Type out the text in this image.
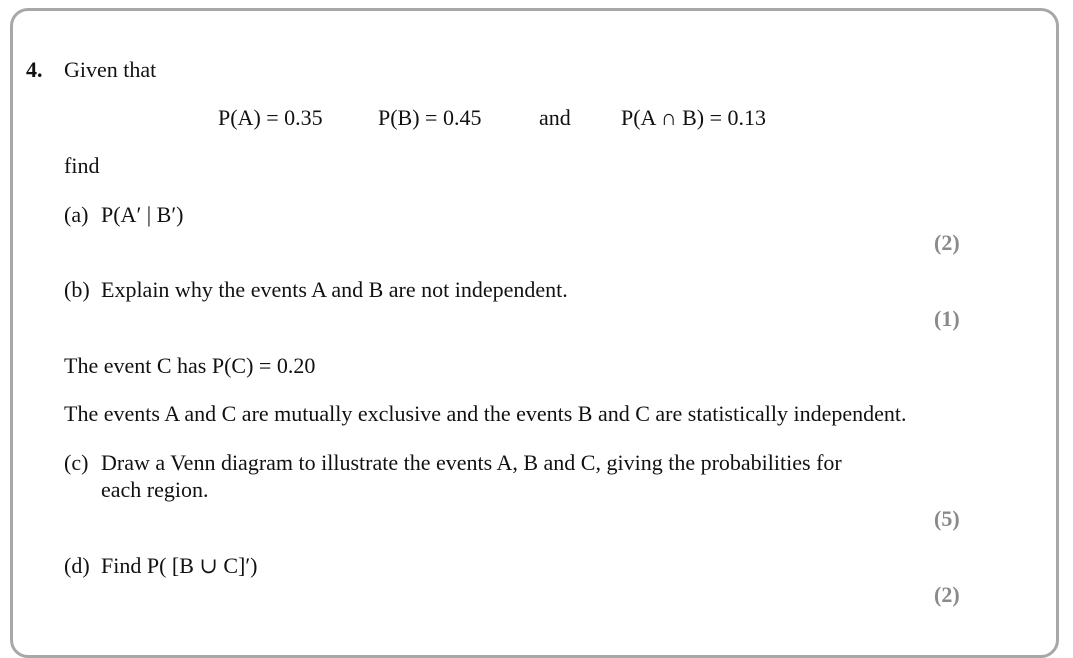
4. Given that
P(A) = 0.35	P(B) = 0.45	and P(A ∩ B) = 0.13
find
(a) P(A′ | B′)
(2)
(b) Explain why the events A and B are not independent.
(1)
The event C has P(C) = 0.20
The events A and C are mutually exclusive and the events B and C are statistically independent.
(c) Draw a Venn diagram to illustrate the events A, B and C, giving the probabilities for
each region.
(5)
(d) Find P( [B ∪ C]′)
(2)
